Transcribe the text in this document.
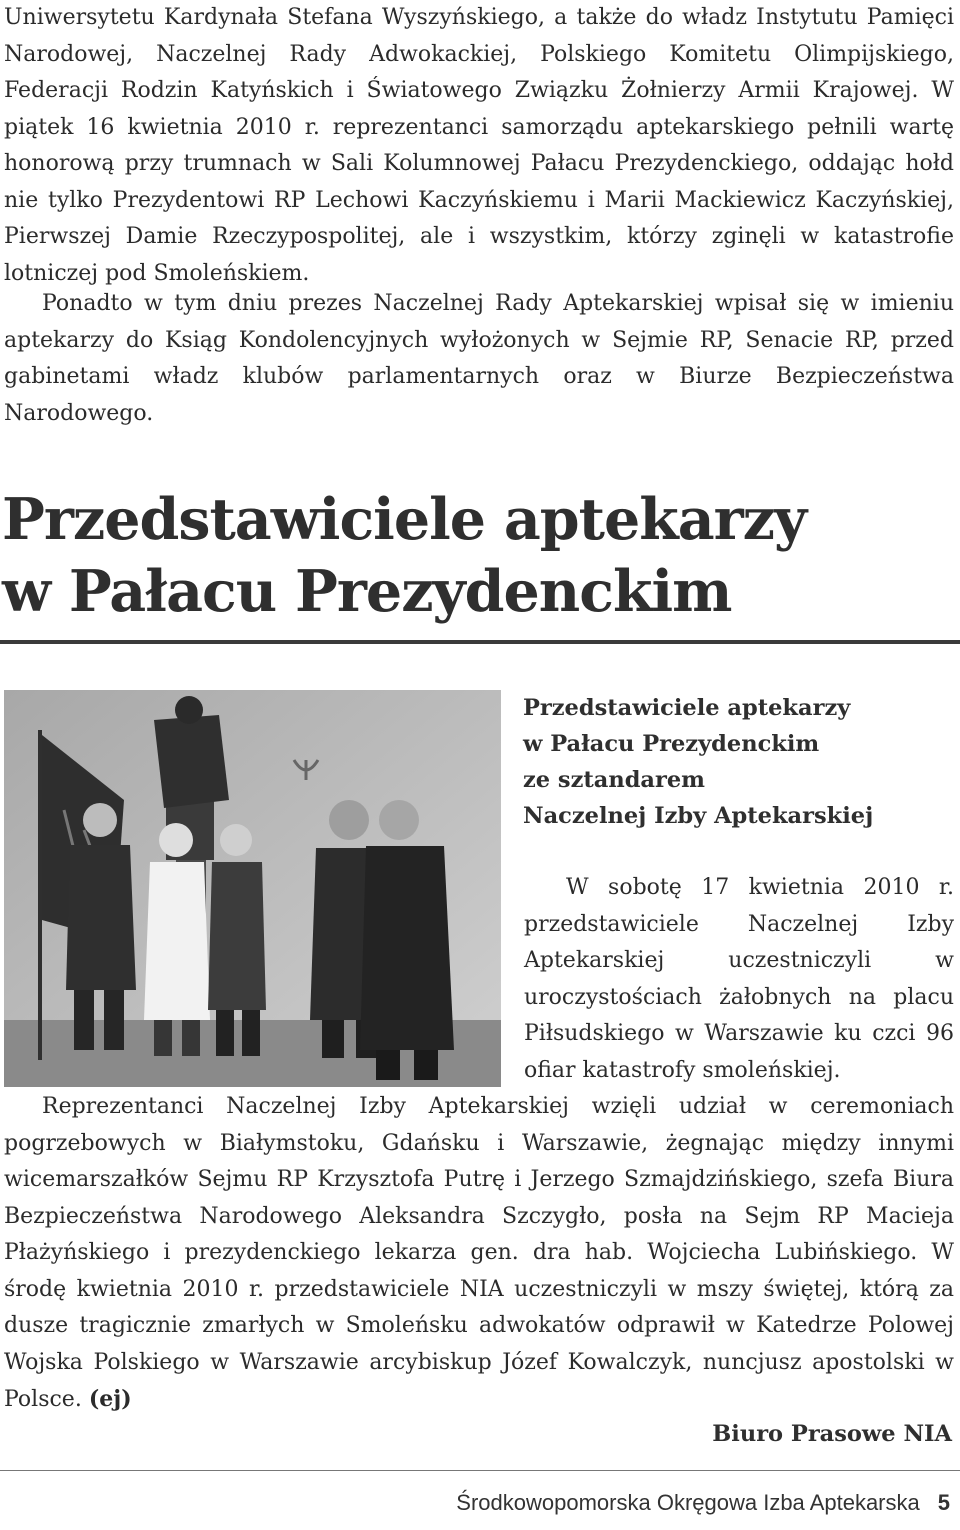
Uniwersytetu Kardynała Stefana Wyszyńskiego, a także do władz Instytutu Pamięci Narodowej, Naczelnej Rady Adwokackiej, Polskiego Komitetu Olimpijskiego, Federacji Rodzin Katyńskich i Światowego Związku Żołnierzy Armii Krajowej. W piątek 16 kwietnia 2010 r. reprezentanci samorządu aptekarskiego pełnili wartę honorową przy trumnach w Sali Kolumnowej Pałacu Prezydenckiego, oddając hołd nie tylko Prezydentowi RP Lechowi Kaczyńskiemu i Marii Mackiewicz Kaczyńskiej, Pierwszej Damie Rzeczypospolitej, ale i wszystkim, którzy zginęli w katastrofie lotniczej pod Smoleńskiem.

Ponadto w tym dniu prezes Naczelnej Rady Aptekarskiej wpisał się w imieniu aptekarzy do Ksiąg Kondolencyjnych wyłożonych w Sejmie RP, Senacie RP, przed gabinetami władz klubów parlamentarnych oraz w Biurze Bezpieczeństwa Narodowego.

Przedstawiciele aptekarzy
w Pałacu Prezydenckim

Przedstawiciele aptekarzy
w Pałacu Prezydenckim
ze sztandarem
Naczelnej Izby Aptekarskiej

W sobotę 17 kwietnia 2010 r. przedstawiciele Naczelnej Izby Aptekarskiej uczestniczyli w uroczystościach żałobnych na placu Piłsudskiego w Warszawie ku czci 96 ofiar katastrofy smoleńskiej.

Reprezentanci Naczelnej Izby Aptekarskiej wzięli udział w ceremoniach pogrzebowych w Białymstoku, Gdańsku i Warszawie, żegnając między innymi wicemarszałków Sejmu RP Krzysztofa Putrę i Jerzego Szmajdzińskiego, szefa Biura Bezpieczeństwa Narodowego Aleksandra Szczygło, posła na Sejm RP Macieja Płażyńskiego i prezydenckiego lekarza gen. dra hab. Wojciecha Lubińskiego. W środę kwietnia 2010 r. przedstawiciele NIA uczestniczyli w mszy świętej, którą za dusze tragicznie zmarłych w Smoleńsku adwokatów odprawił w Katedrze Polowej Wojska Polskiego w Warszawie arcybiskup Józef Kowalczyk, nuncjusz apostolski w Polsce. (ej)

Biuro Prasowe NIA

Środkowopomorska Okręgowa Izba Aptekarska 5
